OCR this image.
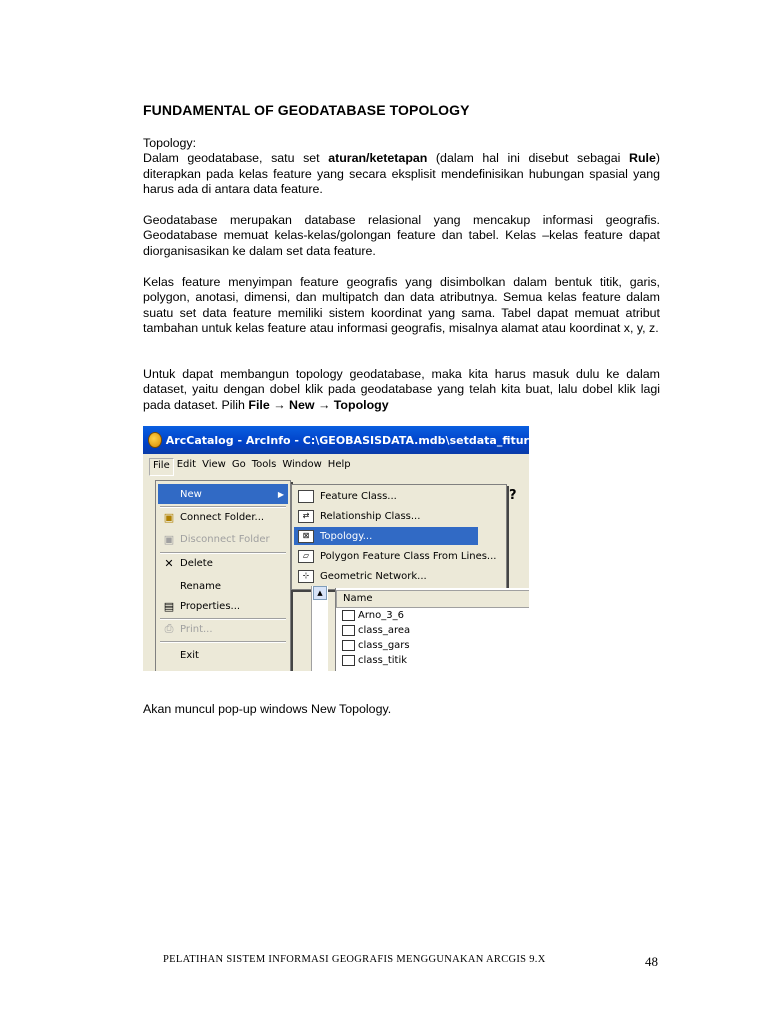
FUNDAMENTAL OF GEODATABASE TOPOLOGY

Topology:

Dalam geodatabase, satu set aturan/ketetapan (dalam hal ini disebut sebagai Rule) diterapkan pada kelas feature yang secara eksplisit mendefinisikan hubungan spasial yang harus ada di antara data feature.

Geodatabase merupakan database relasional yang mencakup informasi geografis. Geodatabase memuat kelas-kelas/golongan feature dan tabel. Kelas –kelas feature dapat diorganisasikan ke dalam set data feature.
Kelas feature menyimpan feature geografis yang disimbolkan dalam bentuk titik, garis, polygon, anotasi, dimensi, dan multipatch dan data atributnya. Semua kelas feature dalam suatu set data feature memiliki sistem koordinat yang sama. Tabel dapat memuat atribut tambahan untuk kelas feature atau informasi geografis, misalnya alamat atau koordinat x, y, z.
Untuk dapat membangun topology geodatabase, maka kita harus masuk dulu ke dalam dataset, yaitu dengan dobel klik pada geodatabase yang telah kita buat, lalu dobel klik lagi pada dataset. Pilih File → New → Topology
ArcCatalog - ArcInfo - C:\GEOBASISDATA.mdb\setdata_fitur
File Edit View Go Tools Window Help
?
New	▶
▣ Connect Folder...
▣ Disconnect Folder
✕ Delete
Rename
▤ Properties...
⎙ Print...
Exit
Feature Class...
⇄	Relationship Class...
⊠	Topology...
▱	Polygon Feature Class From Lines...
⊹	Geometric Network...
▲	Name
Arno_3_6
class_area
class_gars
class_titik
Akan muncul pop-up windows New Topology.
PELATIHAN SISTEM INFORMASI GEOGRAFIS MENGGUNAKAN ARCGIS 9.X	48
